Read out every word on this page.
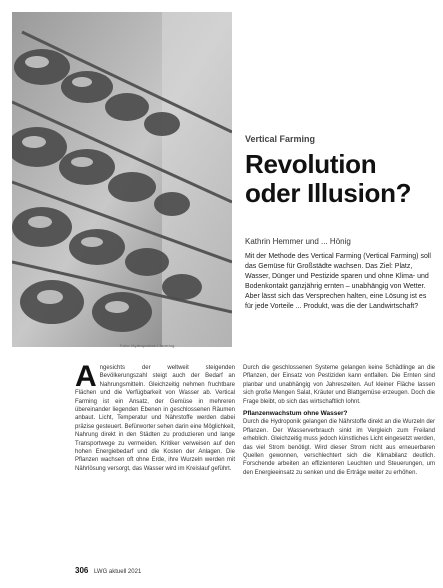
Foto: Hydroponics / farming
Vertical Farming
Revolution oder Illusion?
Kathrin Hemmer und ... Hönig

Mit der Methode des Vertical Farming (Vertical Farming) soll das Gemüse für Großstädte wachsen. Das Ziel: Platz, Wasser, Dünger und Pestizide sparen und ohne Klima- und Bodenkontakt ganzjährig ernten – unabhängig von Wetter. Aber lässt sich das Versprechen halten, eine Lösung ist es für jede Vorteile ... Produkt, was die der Landwirtschaft?

A ngesichts der weltweit steigenden Bevölkerungszahl steigt auch der Bedarf an Nahrungsmitteln. Gleichzeitig nehmen fruchtbare Flächen und die Verfügbarkeit von Wasser ab. Vertical Farming ist ein Ansatz, der Gemüse in mehreren übereinander liegenden Ebenen in geschlossenen Räumen anbaut. Licht, Temperatur und Nährstoffe werden dabei präzise gesteuert. Befürworter sehen darin eine Möglichkeit, Nahrung direkt in den Städten zu produzieren und lange Transportwege zu vermeiden. Kritiker verweisen auf den hohen Energiebedarf und die Kosten der Anlagen. Die Pflanzen wachsen oft ohne Erde, ihre Wurzeln werden mit Nährlösung versorgt, das Wasser wird im Kreislauf geführt.

Durch die geschlossenen Systeme gelangen keine Schädlinge an die Pflanzen, der Einsatz von Pestiziden kann entfallen. Die Ernten sind planbar und unabhängig von Jahreszeiten. Auf kleiner Fläche lassen sich große Mengen Salat, Kräuter und Blattgemüse erzeugen. Doch die Frage bleibt, ob sich das wirtschaftlich lohnt.

Pflanzenwachstum ohne Wasser?

Durch die Hydroponik gelangen die Nährstoffe direkt an die Wurzeln der Pflanzen. Der Wasserverbrauch sinkt im Vergleich zum Freiland erheblich. Gleichzeitig muss jedoch künstliches Licht eingesetzt werden, das viel Strom benötigt. Wird dieser Strom nicht aus erneuerbaren Quellen gewonnen, verschlechtert sich die Klimabilanz deutlich. Forschende arbeiten an effizienteren Leuchten und Steuerungen, um den Energieeinsatz zu senken und die Erträge weiter zu erhöhen.

306 LWG aktuell 2021
